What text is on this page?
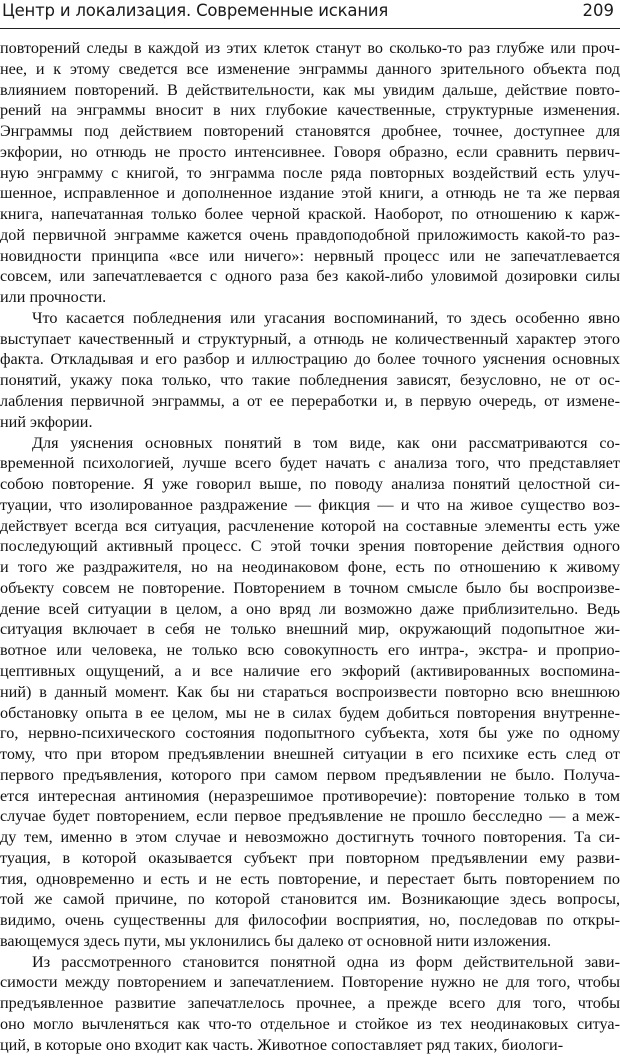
Центр и локализация. Современные искания	209
повторений следы в каждой из этих клеток станут во сколько-то раз глубже или проч-
нее, и к этому сведется все изменение энграммы данного зрительного объекта под
влиянием повторений. В действительности, как мы увидим дальше, действие повто-
рений на энграммы вносит в них глубокие качественные, структурные изменения.
Энграммы под действием повторений становятся дробнее, точнее, доступнее для
экфории, но отнюдь не просто интенсивнее. Говоря образно, если сравнить первич-
ную энграмму с книгой, то энграмма после ряда повторных воздействий есть улуч-
шенное, исправленное и дополненное издание этой книги, а отнюдь не та же первая
книга, напечатанная только более черной краской. Наоборот, по отношению к карж-
дой первичной энграмме кажется очень правдоподобной приложимость какой-то раз-
новидности принципа «все или ничего»: нервный процесс или не запечатлевается
совсем, или запечатлевается с одного раза без какой-либо уловимой дозировки силы
или прочности.
Что касается побледнения или угасания воспоминаний, то здесь особенно явно
выступает качественный и структурный, а отнюдь не количественный характер этого
факта. Откладывая и его разбор и иллюстрацию до более точного уяснения основных
понятий, укажу пока только, что такие побледнения зависят, безусловно, не от ос-
лабления первичной энграммы, а от ее переработки и, в первую очередь, от измене-
ний экфории.
Для уяснения основных понятий в том виде, как они рассматриваются со-
временной психологией, лучше всего будет начать с анализа того, что представляет
собою повторение. Я уже говорил выше, по поводу анализа понятий целостной си-
туации, что изолированное раздражение — фикция — и что на живое существо воз-
действует всегда вся ситуация, расчленение которой на составные элементы есть уже
последующий активный процесс. С этой точки зрения повторение действия одного
и того же раздражителя, но на неодинаковом фоне, есть по отношению к живому
объекту совсем не повторение. Повторением в точном смысле было бы воспроизве-
дение всей ситуации в целом, а оно вряд ли возможно даже приблизительно. Ведь
ситуация включает в себя не только внешний мир, окружающий подопытное жи-
вотное или человека, не только всю совокупность его интра-, экстра- и проприо-
цептивных ощущений, а и все наличие его экфорий (активированных воспомина-
ний) в данный момент. Как бы ни стараться воспроизвести повторно всю внешнюю
обстановку опыта в ее целом, мы не в силах будем добиться повторения внутренне-
го, нервно-психического состояния подопытного субъекта, хотя бы уже по одному
тому, что при втором предъявлении внешней ситуации в его психике есть след от
первого предъявления, которого при самом первом предъявлении не было. Получа-
ется интересная антиномия (неразрешимое противоречие): повторение только в том
случае будет повторением, если первое предъявление не прошло бесследно — а меж-
ду тем, именно в этом случае и невозможно достигнуть точного повторения. Та си-
туация, в которой оказывается субъект при повторном предъявлении ему разви-
тия, одновременно и есть и не есть повторение, и перестает быть повторением по
той же самой причине, по которой становится им. Возникающие здесь вопросы,
видимо, очень существенны для философии восприятия, но, последовав по откры-
вающемуся здесь пути, мы уклонились бы далеко от основной нити изложения.
Из рассмотренного становится понятной одна из форм действительной зави-
симости между повторением и запечатлением. Повторение нужно не для того, чтобы
предъявленное развитие запечатлелось прочнее, а прежде всего для того, чтобы
оно могло вычленяться как что-то отдельное и стойкое из тех неодинаковых ситуа-
ций, в которые оно входит как часть. Животное сопоставляет ряд таких, биологи-
